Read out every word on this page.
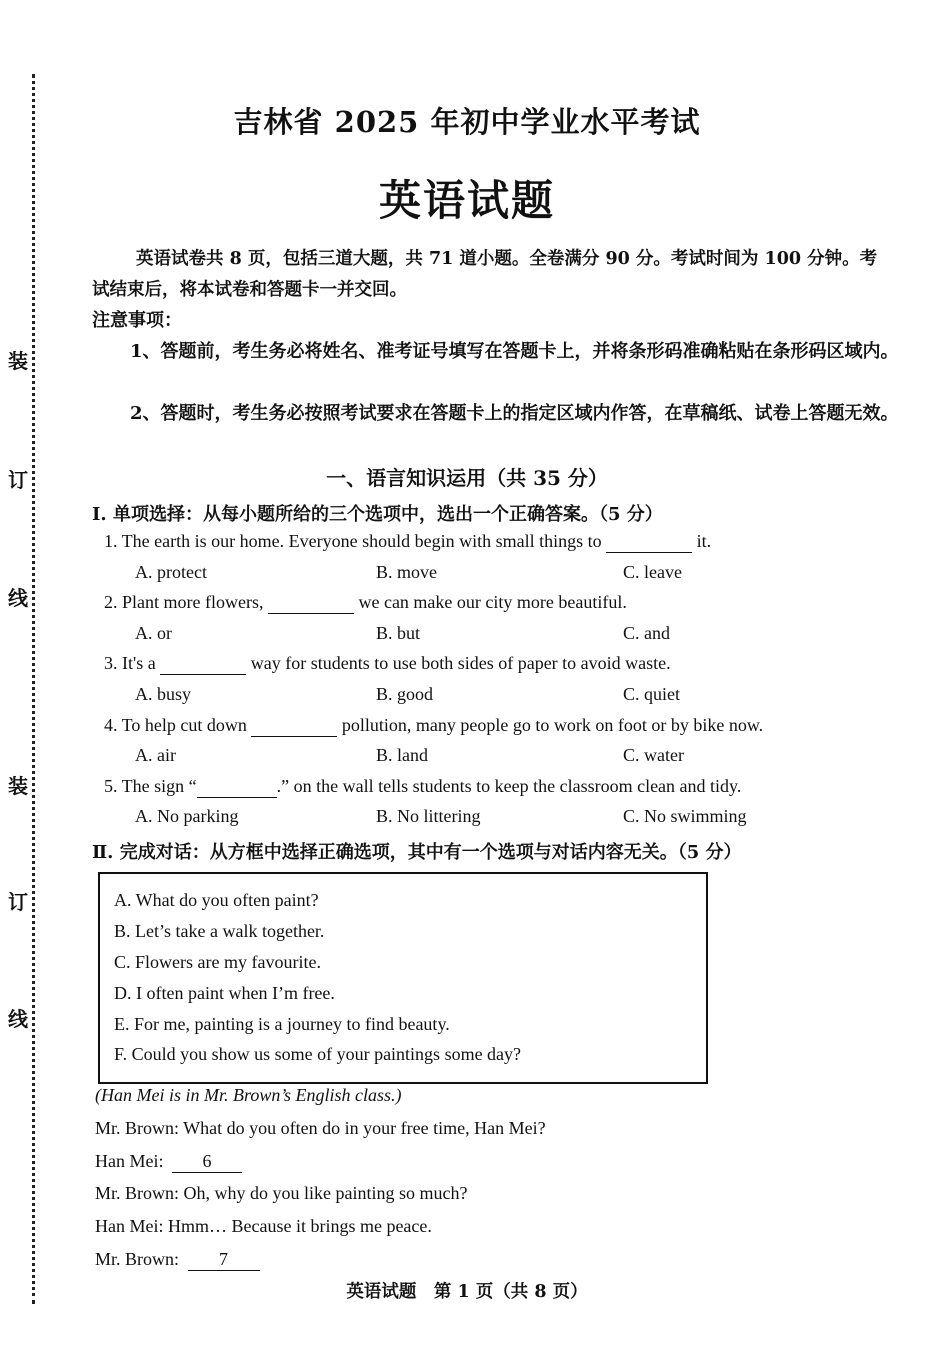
装
订
线
装
订
线
吉林省 2025 年初中学业水平考试
英语试题
英语试卷共 8 页，包括三道大题，共 71 道小题。全卷满分 90 分。考试时间为 100 分钟。考试结束后，将本试卷和答题卡一并交回。
注意事项：
1、答题前，考生务必将姓名、准考证号填写在答题卡上，并将条形码准确粘贴在条形码区域内。
2、答题时，考生务必按照考试要求在答题卡上的指定区域内作答，在草稿纸、试卷上答题无效。
一、语言知识运用（共 35 分）
Ⅰ. 单项选择：从每小题所给的三个选项中，选出一个正确答案。（5 分）
1. The earth is our home. Everyone should begin with small things to	it.
A. protect	B. move	C. leave
2. Plant more flowers,	we can make our city more beautiful.
A. or	B. but	C. and
3. It's a	way for students to use both sides of paper to avoid waste.
A. busy	B. good	C. quiet
4. To help cut down	pollution, many people go to work on foot or by bike now.
A. air	B. land	C. water
5. The sign “	.” on the wall tells students to keep the classroom clean and tidy.
A. No parking	B. No littering	C. No swimming
Ⅱ. 完成对话：从方框中选择正确选项，其中有一个选项与对话内容无关。（5 分）
A. What do you often paint?
B. Let’s take a walk together.
C. Flowers are my favourite.
D. I often paint when I’m free.
E. For me, painting is a journey to find beauty.
F. Could you show us some of your paintings some day?
(Han Mei is in Mr. Brown’s English class.)
Mr. Brown: What do you often do in your free time, Han Mei?
Han Mei: 6
Mr. Brown: Oh, why do you like painting so much?
Han Mei: Hmm… Because it brings me peace.
Mr. Brown: 7
英语试题　第 1 页（共 8 页）
